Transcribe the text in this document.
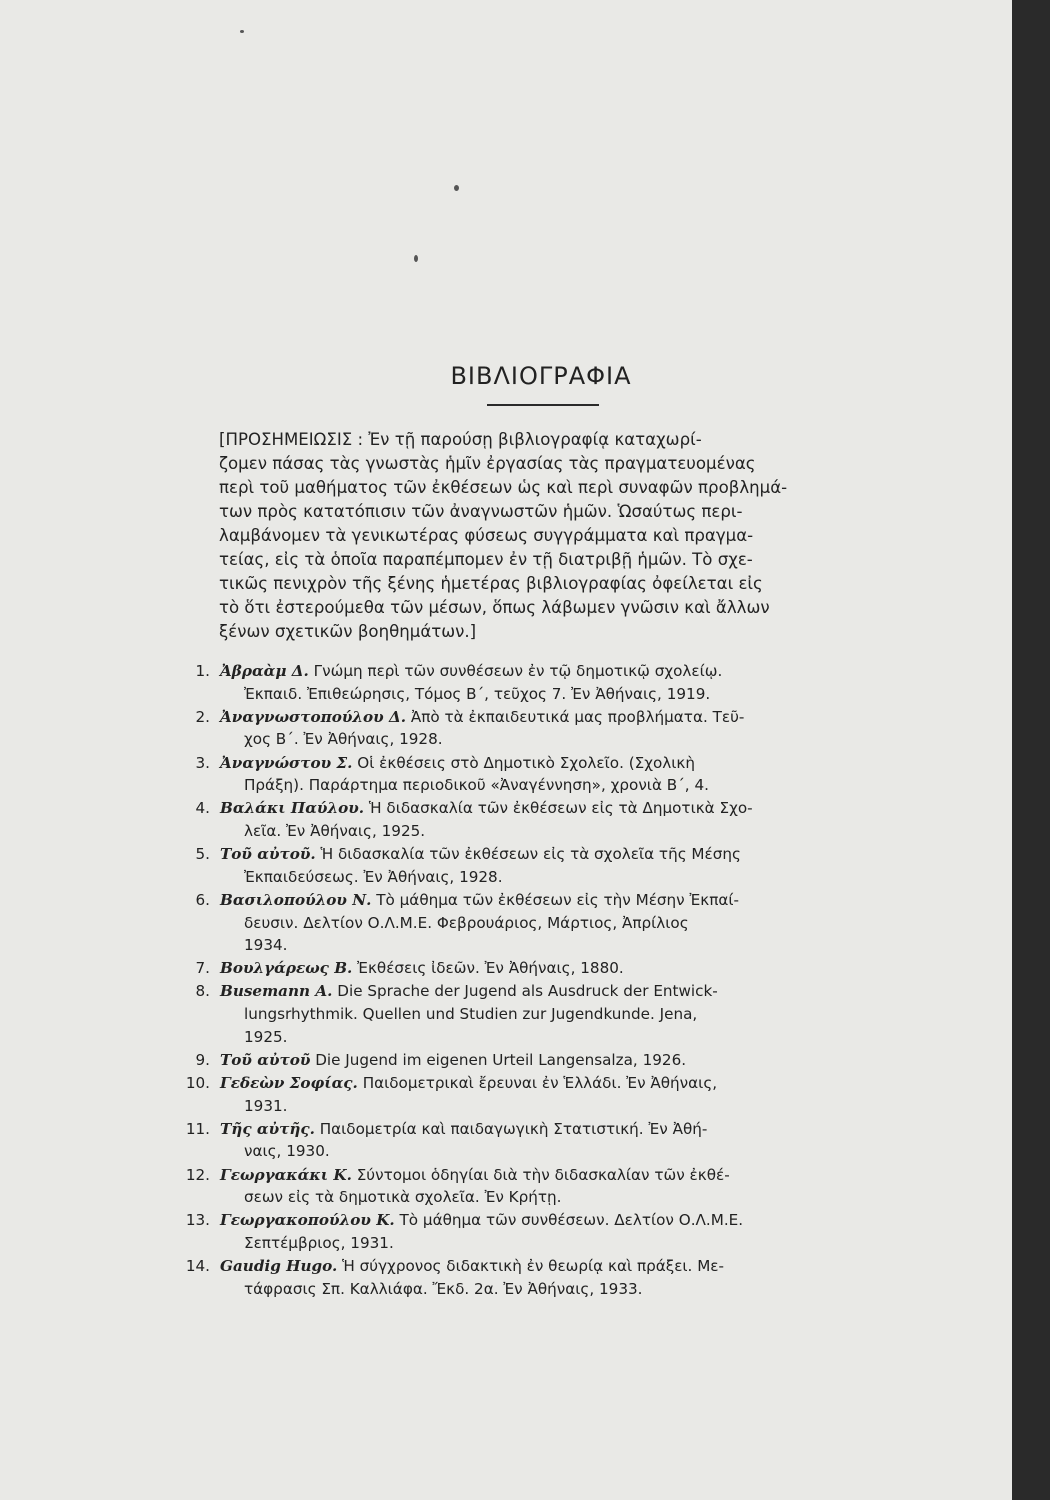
ΒΙΒΛΙΟΓΡΑΦΙΑ
[ΠΡΟΣΗΜΕΙΩΣΙΣ : Ἐν τῇ παρούσῃ βιβλιογραφίᾳ καταχωρί-
ζομεν πάσας τὰς γνωστὰς ἡμῖν ἐργασίας τὰς πραγματευομένας
περὶ τοῦ μαθήματος τῶν ἐκθέσεων ὡς καὶ περὶ συναφῶν προβλημά-
των πρὸς κατατόπισιν τῶν ἀναγνωστῶν ἡμῶν. Ὡσαύτως περι-
λαμβάνομεν τὰ γενικωτέρας φύσεως συγγράμματα καὶ πραγμα-
τείας, εἰς τὰ ὁποῖα παραπέμπομεν ἐν τῇ διατριβῇ ἡμῶν. Τὸ σχε-
τικῶς πενιχρὸν τῆς ξένης ἡμετέρας βιβλιογραφίας ὀφείλεται εἰς
τὸ ὅτι ἐστερούμεθα τῶν μέσων, ὅπως λάβωμεν γνῶσιν καὶ ἄλλων
ξένων σχετικῶν βοηθημάτων.]
1. Ἀβραὰμ Δ. Γνώμη περὶ τῶν συνθέσεων ἐν τῷ δημοτικῷ σχολείῳ.
Ἐκπαιδ. Ἐπιθεώρησις, Τόμος Β΄, τεῦχος 7. Ἐν Ἀθήναις, 1919.
2. Ἀναγνωστοπούλου Δ. Ἀπὸ τὰ ἐκπαιδευτικά μας προβλήματα. Τεῦ-
χος Β΄. Ἐν Ἀθήναις, 1928.
3. Ἀναγνώστου Σ. Οἱ ἐκθέσεις στὸ Δημοτικὸ Σχολεῖο. (Σχολικὴ
Πράξη). Παράρτημα περιοδικοῦ «Ἀναγέννηση», χρονιὰ Β΄, 4.
4. Βαλάκι Παύλου. Ἡ διδασκαλία τῶν ἐκθέσεων εἰς τὰ Δημοτικὰ Σχο-
λεῖα. Ἐν Ἀθήναις, 1925.
5. Τοῦ αὐτοῦ. Ἡ διδασκαλία τῶν ἐκθέσεων εἰς τὰ σχολεῖα τῆς Μέσης
Ἐκπαιδεύσεως. Ἐν Ἀθήναις, 1928.
6. Βασιλοπούλου Ν. Τὸ μάθημα τῶν ἐκθέσεων εἰς τὴν Μέσην Ἐκπαί-
δευσιν. Δελτίον Ο.Λ.Μ.Ε. Φεβρουάριος, Μάρτιος, Ἀπρίλιος
1934.
7. Βουλγάρεως Β. Ἐκθέσεις ἰδεῶν. Ἐν Ἀθήναις, 1880.
8. Busemann A. Die Sprache der Jugend als Ausdruck der Entwick-
lungsrhythmik. Quellen und Studien zur Jugendkunde. Jena,
1925.
9. Τοῦ αὐτοῦ Die Jugend im eigenen Urteil Langensalza, 1926.
10. Γεδεὼν Σοφίας. Παιδομετρικαὶ ἔρευναι ἐν Ἑλλάδι. Ἐν Ἀθήναις,
1931.
11. Τῆς αὐτῆς. Παιδομετρία καὶ παιδαγωγικὴ Στατιστική. Ἐν Ἀθή-
ναις, 1930.
12. Γεωργακάκι Κ. Σύντομοι ὁδηγίαι διὰ τὴν διδασκαλίαν τῶν ἐκθέ-
σεων εἰς τὰ δημοτικὰ σχολεῖα. Ἐν Κρήτῃ.
13. Γεωργακοπούλου Κ. Τὸ μάθημα τῶν συνθέσεων. Δελτίον Ο.Λ.Μ.Ε.
Σεπτέμβριος, 1931.
14. Gaudig Hugo. Ἡ σύγχρονος διδακτικὴ ἐν θεωρίᾳ καὶ πράξει. Με-
τάφρασις Σπ. Καλλιάφα. Ἔκδ. 2α. Ἐν Ἀθήναις, 1933.
